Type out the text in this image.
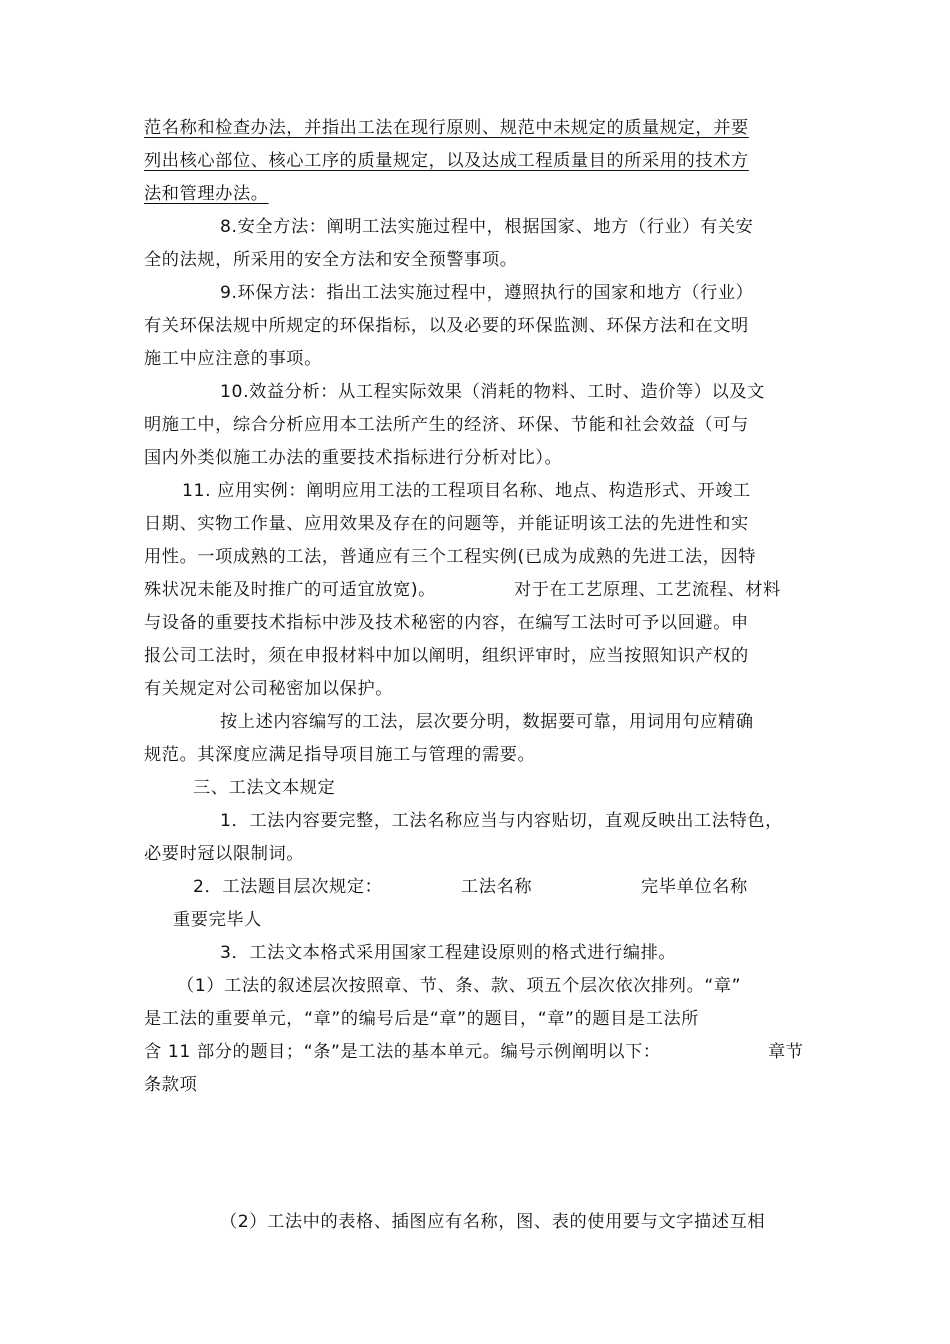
范名称和检查办法，并指出工法在现行原则、规范中未规定的质量规定，并要
列出核心部位、核心工序的质量规定，以及达成工程质量目的所采用的技术方
法和管理办法。
8.安全方法：阐明工法实施过程中，根据国家、地方（行业）有关安
全的法规，所采用的安全方法和安全预警事项。
9.环保方法：指出工法实施过程中，遵照执行的国家和地方（行业）
有关环保法规中所规定的环保指标，以及必要的环保监测、环保方法和在文明
施工中应注意的事项。
10.效益分析：从工程实际效果（消耗的物料、工时、造价等）以及文
明施工中，综合分析应用本工法所产生的经济、环保、节能和社会效益（可与
国内外类似施工办法的重要技术指标进行分析对比）。
11. 应用实例：阐明应用工法的工程项目名称、地点、构造形式、开竣工
日期、实物工作量、应用效果及存在的问题等，并能证明该工法的先进性和实
用性。一项成熟的工法，普通应有三个工程实例(已成为成熟的先进工法，因特
殊状况未能及时推广的可适宜放宽)。	对于在工艺原理、工艺流程、材料
与设备的重要技术指标中涉及技术秘密的内容，在编写工法时可予以回避。申
报公司工法时，须在申报材料中加以阐明，组织评审时，应当按照知识产权的
有关规定对公司秘密加以保护。
按上述内容编写的工法，层次要分明，数据要可靠，用词用句应精确
规范。其深度应满足指导项目施工与管理的需要。
三、工法文本规定
1．工法内容要完整，工法名称应当与内容贴切，直观反映出工法特色，
必要时冠以限制词。
2．工法题目层次规定：	工法名称	完毕单位名称
重要完毕人
3．工法文本格式采用国家工程建设原则的格式进行编排。
（1）工法的叙述层次按照章、节、条、款、项五个层次依次排列。“章”
是工法的重要单元，“章”的编号后是“章”的题目，“章”的题目是工法所
含 11 部分的题目；“条”是工法的基本单元。编号示例阐明以下：	章节
条款项
（2）工法中的表格、插图应有名称，图、表的使用要与文字描述互相
